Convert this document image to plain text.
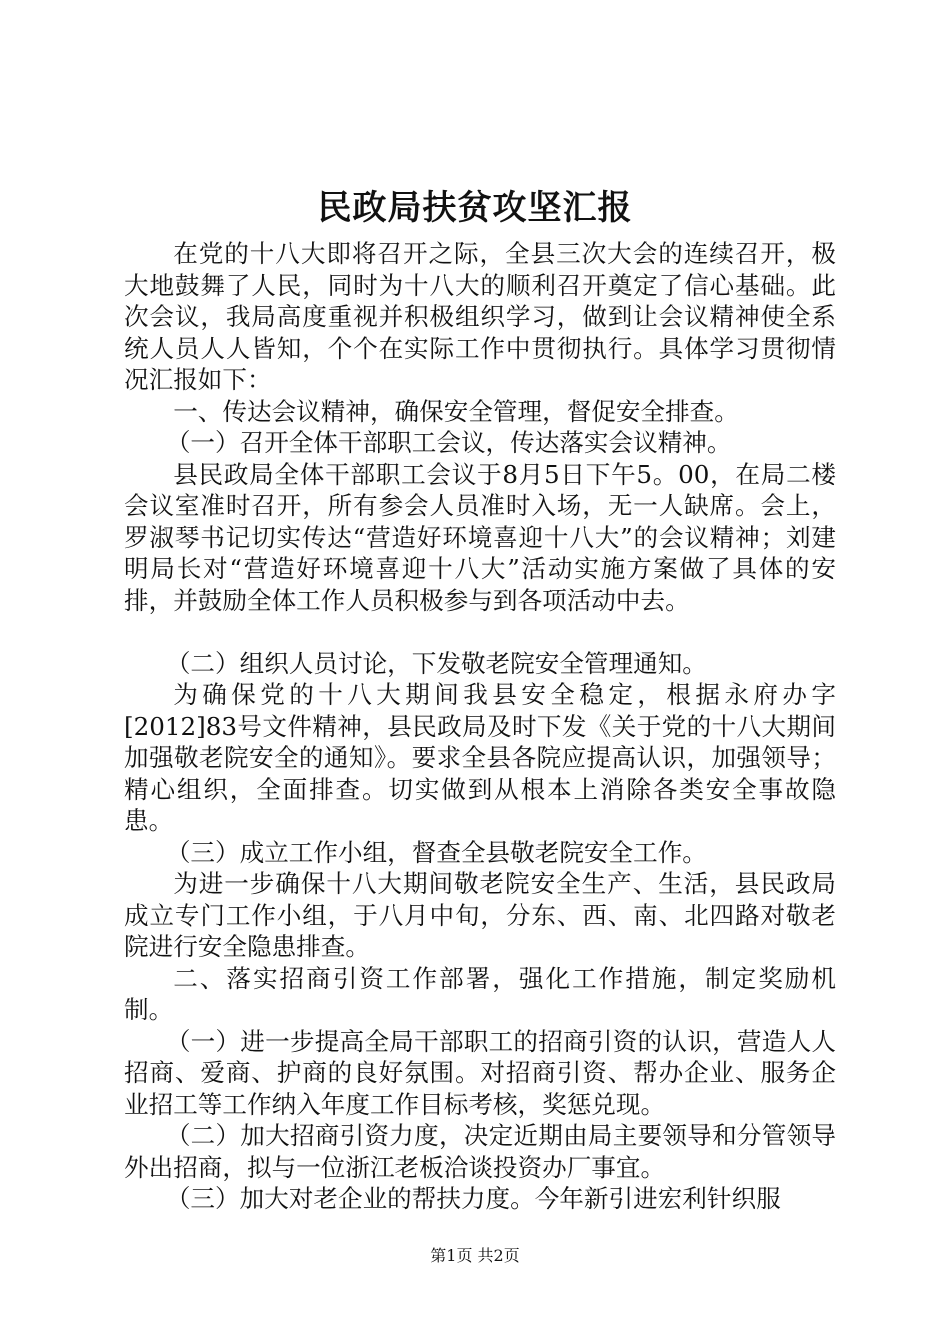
民政局扶贫攻坚汇报

在党的十八大即将召开之际，全县三次大会的连续召开，极大地鼓舞了人民，同时为十八大的顺利召开奠定了信心基础。此次会议，我局高度重视并积极组织学习，做到让会议精神使全系统人员人人皆知，个个在实际工作中贯彻执行。具体学习贯彻情况汇报如下：

一、传达会议精神，确保安全管理，督促安全排查。

（一）召开全体干部职工会议，传达落实会议精神。

县民政局全体干部职工会议于8月5日下午5。00，在局二楼会议室准时召开，所有参会人员准时入场，无一人缺席。会上，罗淑琴书记切实传达“营造好环境喜迎十八大”的会议精神；刘建明局长对“营造好环境喜迎十八大”活动实施方案做了具体的安排，并鼓励全体工作人员积极参与到各项活动中去。

（二）组织人员讨论，下发敬老院安全管理通知。

为确保党的十八大期间我县安全稳定，根据永府办字[2012]83号文件精神，县民政局及时下发《关于党的十八大期间加强敬老院安全的通知》。要求全县各院应提高认识，加强领导；精心组织，全面排查。切实做到从根本上消除各类安全事故隐患。

（三）成立工作小组，督查全县敬老院安全工作。

为进一步确保十八大期间敬老院安全生产、生活，县民政局成立专门工作小组，于八月中旬，分东、西、南、北四路对敬老院进行安全隐患排查。

二、落实招商引资工作部署，强化工作措施，制定奖励机制。

（一）进一步提高全局干部职工的招商引资的认识，营造人人招商、爱商、护商的良好氛围。对招商引资、帮办企业、服务企业招工等工作纳入年度工作目标考核，奖惩兑现。

（二）加大招商引资力度，决定近期由局主要领导和分管领导外出招商，拟与一位浙江老板洽谈投资办厂事宜。

（三）加大对老企业的帮扶力度。今年新引进宏利针织服

第1页 共2页
